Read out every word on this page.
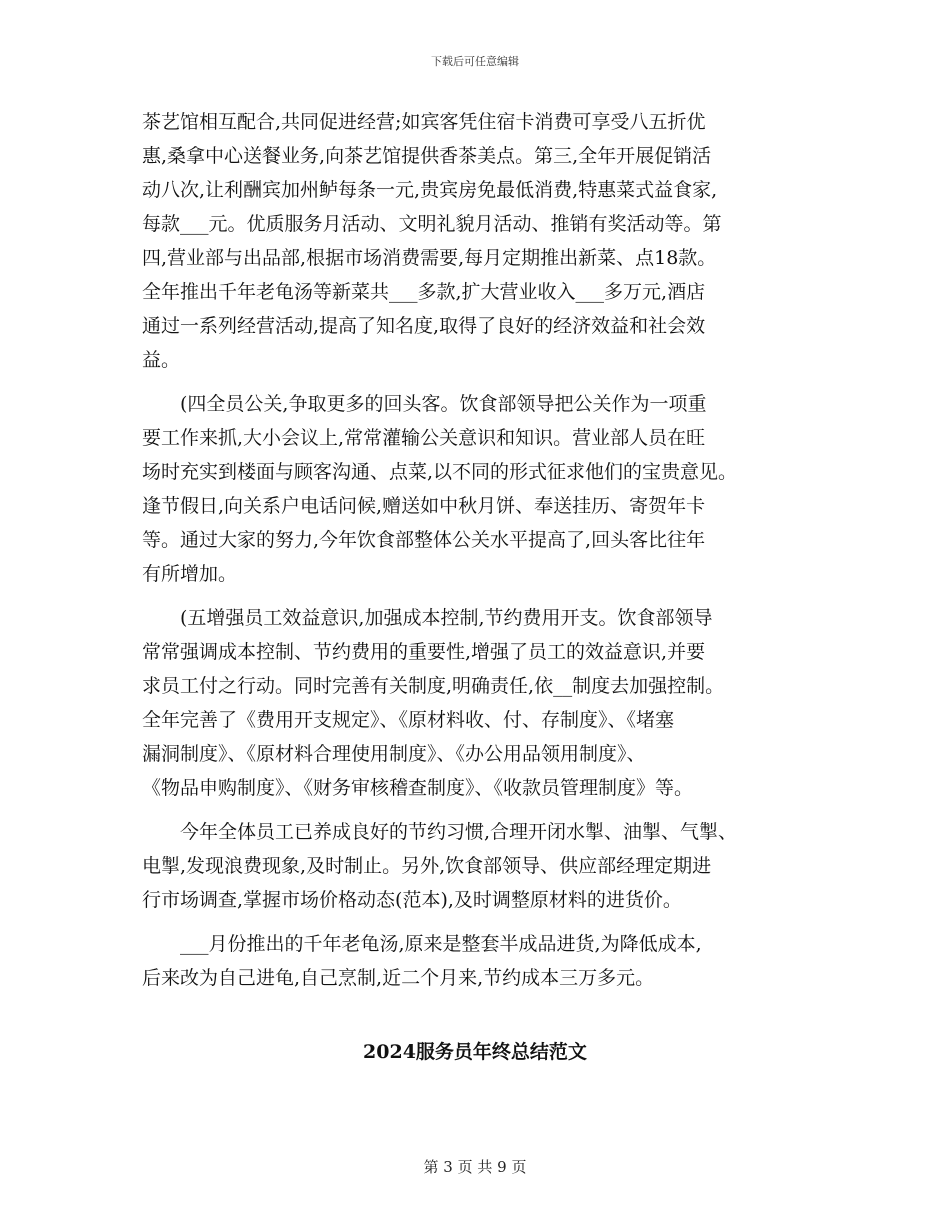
下载后可任意编辑
茶艺馆相互配合,共同促进经营;如宾客凭住宿卡消费可享受八五折优
惠,桑拿中心送餐业务,向茶艺馆提供香茶美点。第三,全年开展促销活
动八次,让利酬宾加州鲈每条一元,贵宾房免最低消费,特惠菜式益食家,
每款___元。优质服务月活动、文明礼貌月活动、推销有奖活动等。第
四,营业部与出品部,根据市场消费需要,每月定期推出新菜、点18款。
全年推出千年老龟汤等新菜共___多款,扩大营业收入___多万元,酒店
通过一系列经营活动,提高了知名度,取得了良好的经济效益和社会效
益。
(四全员公关,争取更多的回头客。饮食部领导把公关作为一项重
要工作来抓,大小会议上,常常灌输公关意识和知识。营业部人员在旺
场时充实到楼面与顾客沟通、点菜,以不同的形式征求他们的宝贵意见。
逢节假日,向关系户电话问候,赠送如中秋月饼、奉送挂历、寄贺年卡
等。通过大家的努力,今年饮食部整体公关水平提高了,回头客比往年
有所增加。
(五增强员工效益意识,加强成本控制,节约费用开支。饮食部领导
常常强调成本控制、节约费用的重要性,增强了员工的效益意识,并要
求员工付之行动。同时完善有关制度,明确责任,依__制度去加强控制。
全年完善了《费用开支规定》、《原材料收、付、存制度》、《堵塞
漏洞制度》、《原材料合理使用制度》、《办公用品领用制度》、
《物品申购制度》、《财务审核稽查制度》、《收款员管理制度》等。
今年全体员工已养成良好的节约习惯,合理开闭水掣、油掣、气掣、
电掣,发现浪费现象,及时制止。另外,饮食部领导、供应部经理定期进
行市场调查,掌握市场价格动态(范本),及时调整原材料的进货价。
___月份推出的千年老龟汤,原来是整套半成品进货,为降低成本,
后来改为自己进龟,自己烹制,近二个月来,节约成本三万多元。
2024服务员年终总结范文
第 3 页 共 9 页
